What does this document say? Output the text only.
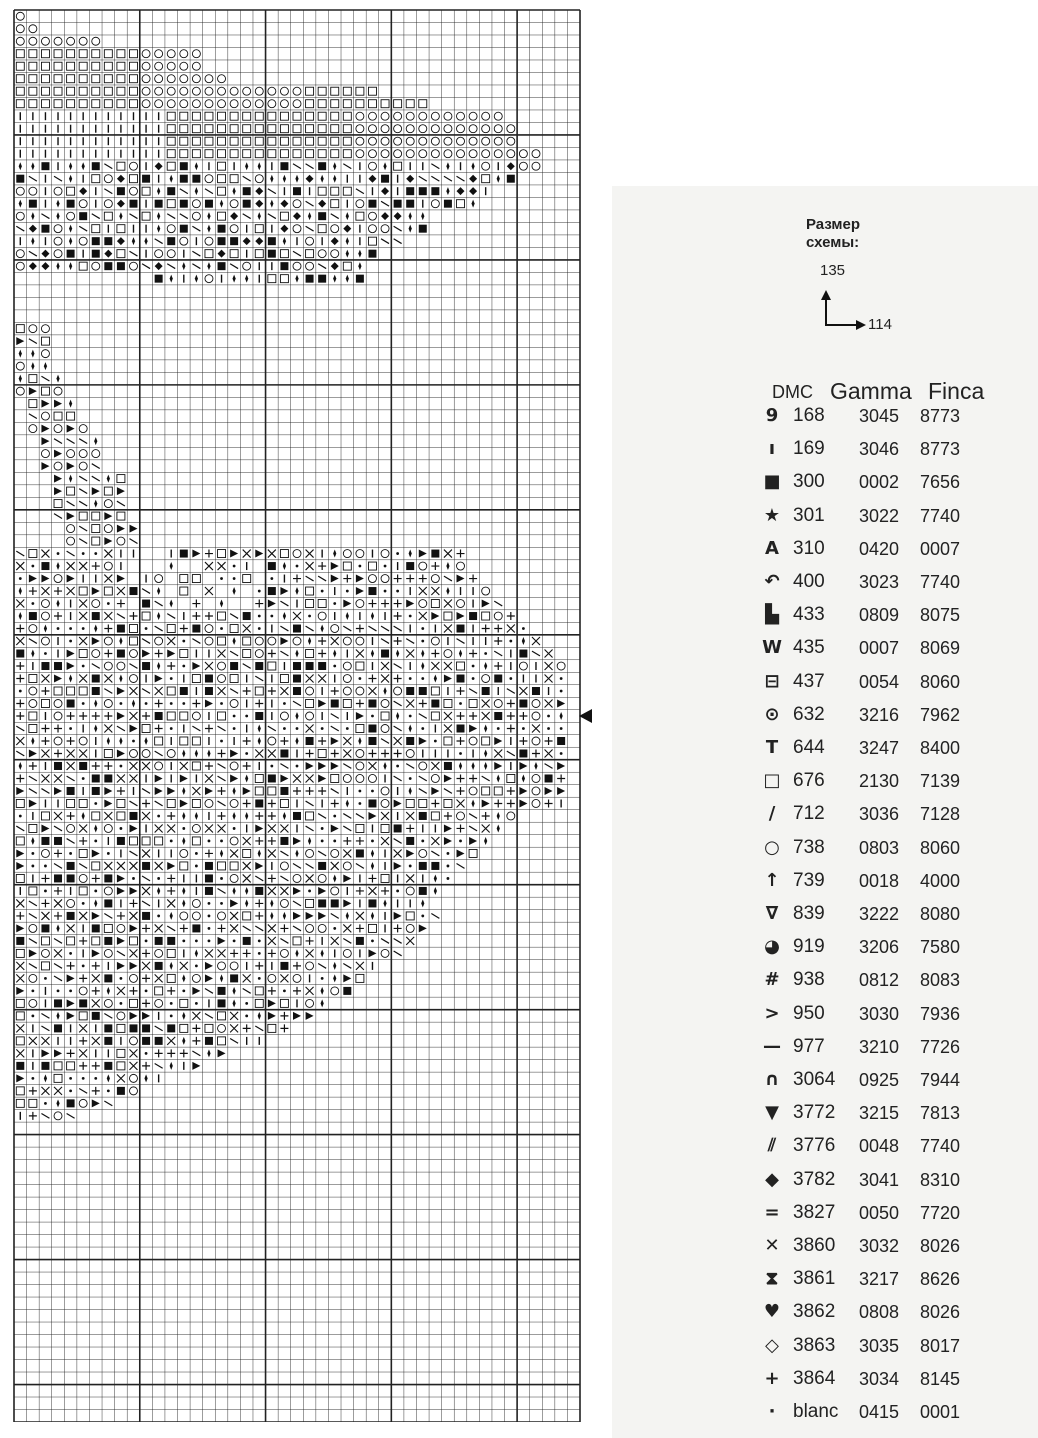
Размер схемы:
135
114
DMC Gamma Finca
9 168 3045 8773
ı 169 3046 8773
■ 300 0002 7656
★ 301 3022 7740
A 310 0420 0007
↶ 400 3023 7740
▙ 433 0809 8075
W 435 0007 8069
⊟ 437 0054 8060
⊙ 632 3216 7962
T 644 3247 8400
□ 676 2130 7139
/ 712 3036 7128
○ 738 0803 8060
↑ 739 0018 4000
∇ 839 3222 8080
◕ 919 3206 7580
# 938 0812 8083
> 950 3030 7936
— 977 3210 7726
∩ 3064 0925 7944
▼ 3772 3215 7813
⫽ 3776 0048 7740
◆ 3782 3041 8310
= 3827 0050 7720
✕ 3860 3032 8026
⧗ 3861 3217 8626
♥ 3862 0808 8026
◇ 3863 3035 8017
+ 3864 3034 8145
· blanc 0415 0001
